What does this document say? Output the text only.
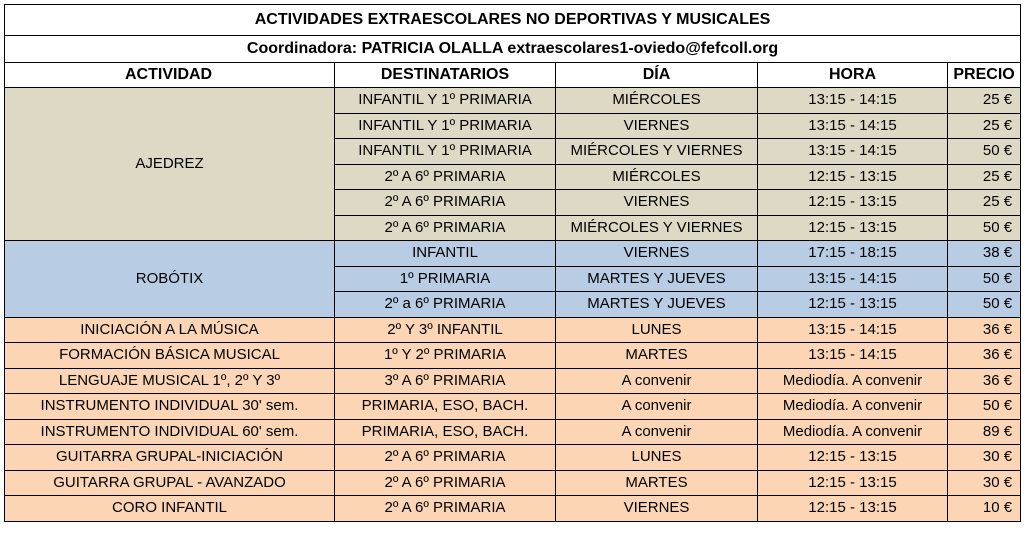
ACTIVIDADES EXTRAESCOLARES NO DEPORTIVAS Y MUSICALES				
Coordinadora: PATRICIA OLALLA extraescolares1-oviedo@fefcoll.org				
ACTIVIDAD	DESTINATARIOS	DÍA	HORA	PRECIO
AJEDREZ	INFANTIL Y 1º PRIMARIA	MIÉRCOLES	13:15 - 14:15	25 €
	INFANTIL Y 1º PRIMARIA	VIERNES	13:15 - 14:15	25 €
	INFANTIL Y 1º PRIMARIA	MIÉRCOLES Y VIERNES	13:15 - 14:15	50 €
	2º A 6º PRIMARIA	MIÉRCOLES	12:15 - 13:15	25 €
	2º A 6º PRIMARIA	VIERNES	12:15 - 13:15	25 €
	2º A 6º PRIMARIA	MIÉRCOLES Y VIERNES	12:15 - 13:15	50 €
ROBÓTIX	INFANTIL	VIERNES	17:15 - 18:15	38 €
	1º PRIMARIA	MARTES Y JUEVES	13:15 - 14:15	50 €
	2º a 6º PRIMARIA	MARTES Y JUEVES	12:15 - 13:15	50 €
INICIACIÓN A LA MÚSICA	2º Y 3º INFANTIL	LUNES	13:15 - 14:15	36 €
FORMACIÓN BÁSICA MUSICAL	1º Y 2º PRIMARIA	MARTES	13:15 - 14:15	36 €
LENGUAJE MUSICAL 1º, 2º Y 3º	3º A 6º PRIMARIA	A convenir	Mediodía. A convenir	36 €
INSTRUMENTO INDIVIDUAL 30' sem.	PRIMARIA, ESO, BACH.	A convenir	Mediodía. A convenir	50 €
INSTRUMENTO INDIVIDUAL 60' sem.	PRIMARIA, ESO, BACH.	A convenir	Mediodía. A convenir	89 €
GUITARRA GRUPAL-INICIACIÓN	2º A 6º PRIMARIA	LUNES	12:15 - 13:15	30 €
GUITARRA GRUPAL - AVANZADO	2º A 6º PRIMARIA	MARTES	12:15 - 13:15	30 €
CORO INFANTIL	2º A 6º PRIMARIA	VIERNES	12:15 - 13:15	10 €
